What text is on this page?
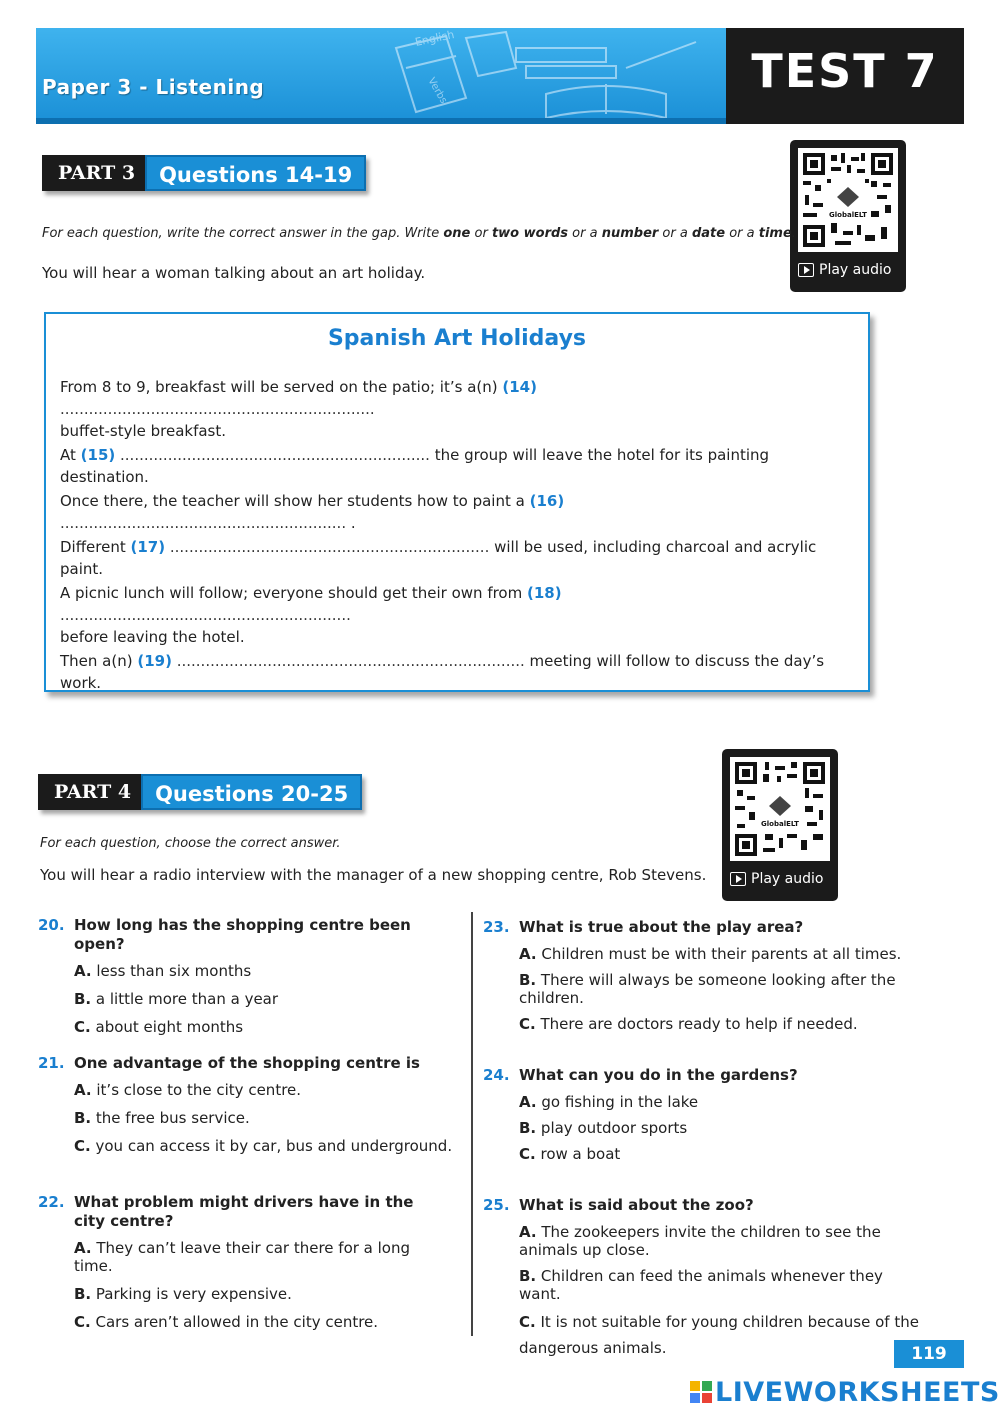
English
Verbs
Paper 3 - Listening	TEST 7
PART 3	Questions 14-19
GlobalELT
Play audio
For each question, write the correct answer in the gap. Write one or two words or a number or a date or a time.
You will hear a woman talking about an art holiday.
Spanish Art Holidays
From 8 to 9, breakfast will be served on the patio; it’s a(n) (14) ..................................................................
buffet-style breakfast.
At (15) ................................................................. the group will leave the hotel for its painting destination.
Once there, the teacher will show her students how to paint a (16) ............................................................ .
Different (17) ................................................................... will be used, including charcoal and acrylic paint.
A picnic lunch will follow; everyone should get their own from (18) .............................................................
before leaving the hotel.
Then a(n) (19) ......................................................................... meeting will follow to discuss the day’s work.
PART 4	Questions 20-25
GlobalELT
Play audio
For each question, choose the correct answer.
You will hear a radio interview with the manager of a new shopping centre, Rob Stevens.
20. How long has the shopping centre been open?
A. less than six months
B. a little more than a year
C. about eight months
21. One advantage of the shopping centre is
A. it’s close to the city centre.
B. the free bus service.
C. you can access it by car, bus and underground.
22. What problem might drivers have in the city centre?
A. They can’t leave their car there for a long time.
B. Parking is very expensive.
C. Cars aren’t allowed in the city centre.
23. What is true about the play area?
A. Children must be with their parents at all times.
B. There will always be someone looking after the children.
C. There are doctors ready to help if needed.
24. What can you do in the gardens?
A. go fishing in the lake
B. play outdoor sports
C. row a boat
25. What is said about the zoo?
A. The zookeepers invite the children to see the animals up close.
B. Children can feed the animals whenever they want.
C. It is not suitable for young children because of the dangerous animals.	119
LIVEWORKSHEETS
